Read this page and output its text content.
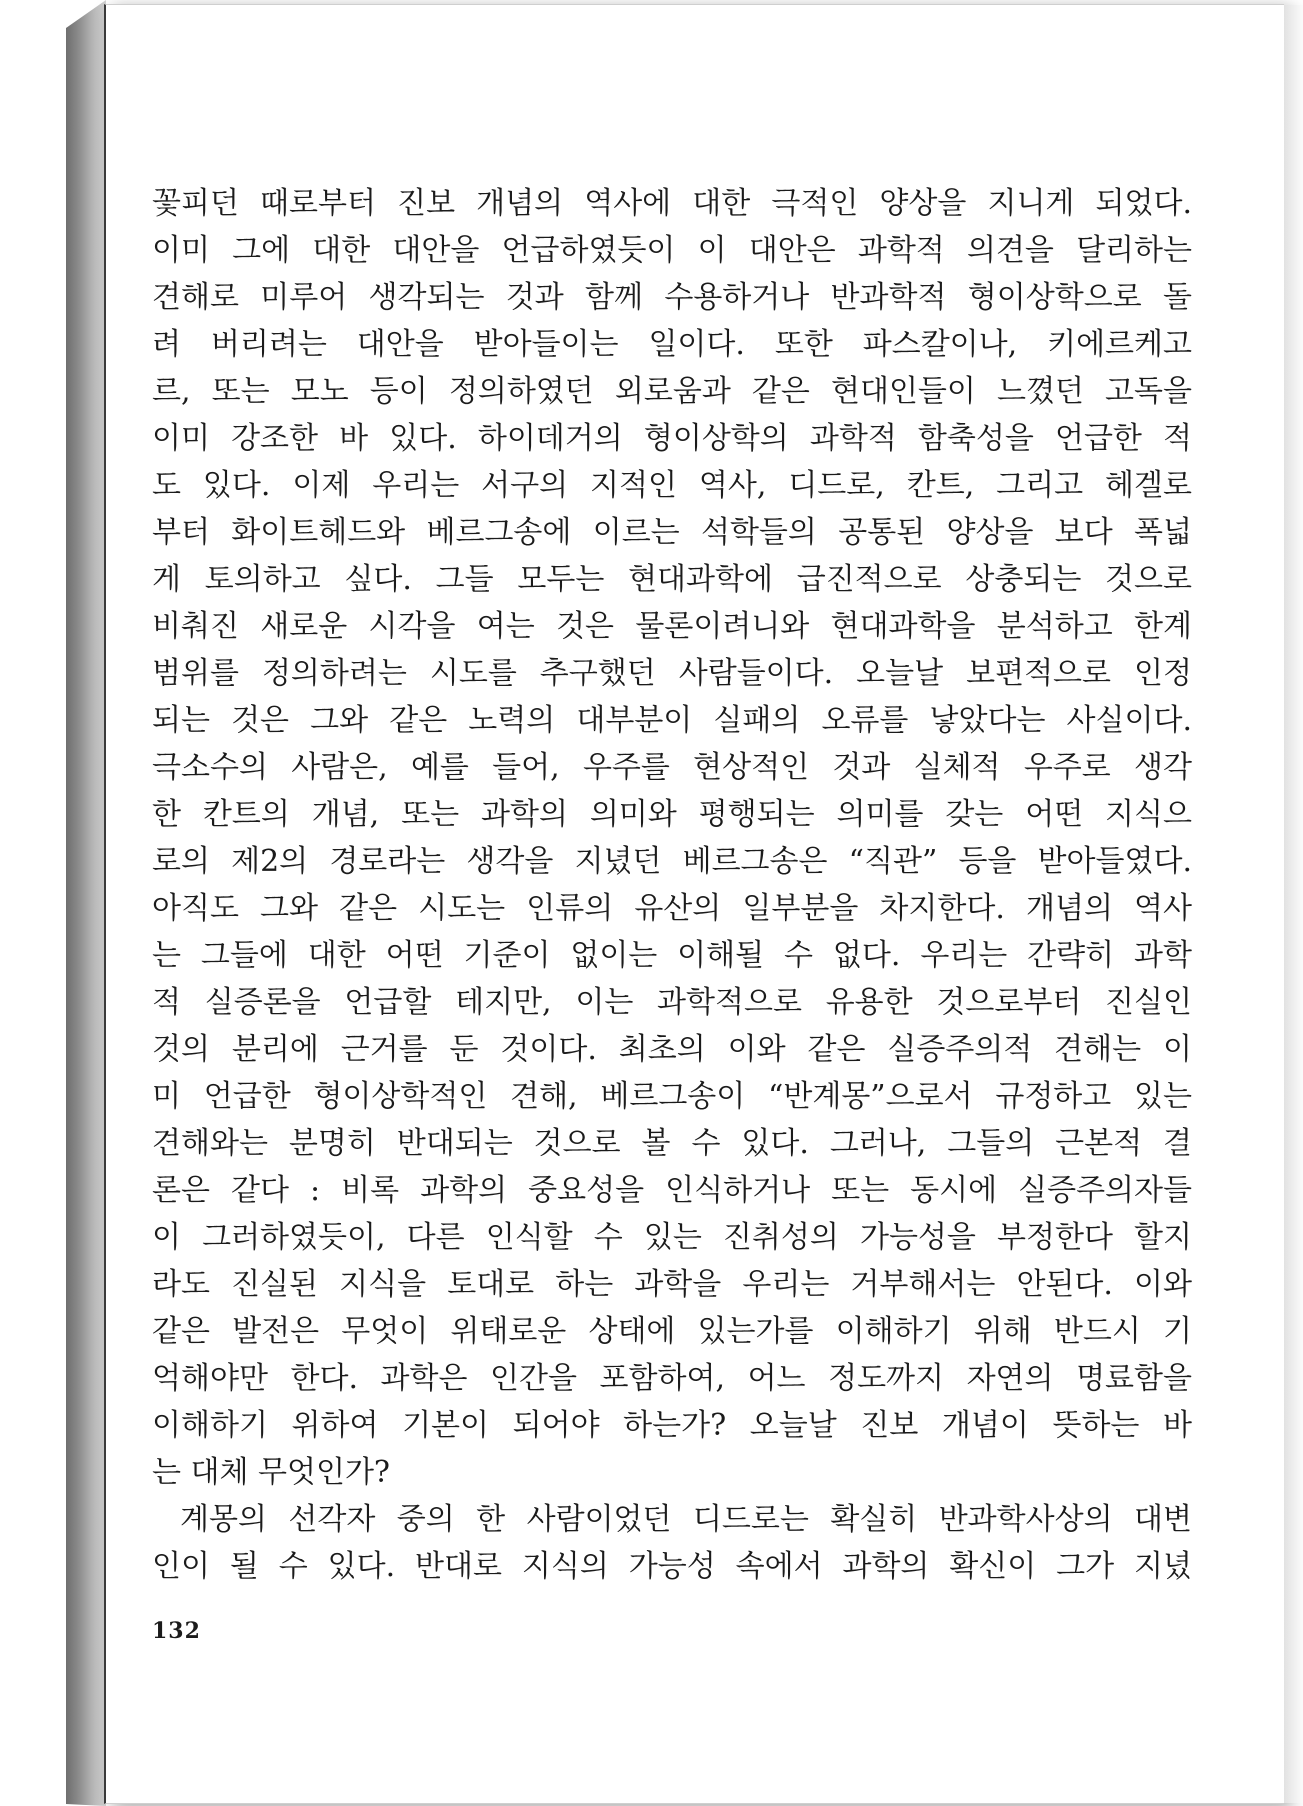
꽃피던 때로부터 진보 개념의 역사에 대한 극적인 양상을 지니게 되었다.
이미 그에 대한 대안을 언급하였듯이 이 대안은 과학적 의견을 달리하는
견해로 미루어 생각되는 것과 함께 수용하거나 반과학적 형이상학으로 돌
려 버리려는 대안을 받아들이는 일이다. 또한 파스칼이나, 키에르케고
르, 또는 모노 등이 정의하였던 외로움과 같은 현대인들이 느꼈던 고독을
이미 강조한 바 있다. 하이데거의 형이상학의 과학적 함축성을 언급한 적
도 있다. 이제 우리는 서구의 지적인 역사, 디드로, 칸트, 그리고 헤겔로
부터 화이트헤드와 베르그송에 이르는 석학들의 공통된 양상을 보다 폭넓
게 토의하고 싶다. 그들 모두는 현대과학에 급진적으로 상충되는 것으로
비춰진 새로운 시각을 여는 것은 물론이려니와 현대과학을 분석하고 한계
범위를 정의하려는 시도를 추구했던 사람들이다. 오늘날 보편적으로 인정
되는 것은 그와 같은 노력의 대부분이 실패의 오류를 낳았다는 사실이다.
극소수의 사람은, 예를 들어, 우주를 현상적인 것과 실체적 우주로 생각
한 칸트의 개념, 또는 과학의 의미와 평행되는 의미를 갖는 어떤 지식으
로의 제2의 경로라는 생각을 지녔던 베르그송은 “직관” 등을 받아들였다.
아직도 그와 같은 시도는 인류의 유산의 일부분을 차지한다. 개념의 역사
는 그들에 대한 어떤 기준이 없이는 이해될 수 없다. 우리는 간략히 과학
적 실증론을 언급할 테지만, 이는 과학적으로 유용한 것으로부터 진실인
것의 분리에 근거를 둔 것이다. 최초의 이와 같은 실증주의적 견해는 이
미 언급한 형이상학적인 견해, 베르그송이 “반계몽”으로서 규정하고 있는
견해와는 분명히 반대되는 것으로 볼 수 있다. 그러나, 그들의 근본적 결
론은 같다 : 비록 과학의 중요성을 인식하거나 또는 동시에 실증주의자들
이 그러하였듯이, 다른 인식할 수 있는 진취성의 가능성을 부정한다 할지
라도 진실된 지식을 토대로 하는 과학을 우리는 거부해서는 안된다. 이와
같은 발전은 무엇이 위태로운 상태에 있는가를 이해하기 위해 반드시 기
억해야만 한다. 과학은 인간을 포함하여, 어느 정도까지 자연의 명료함을
이해하기 위하여 기본이 되어야 하는가? 오늘날 진보 개념이 뜻하는 바
는 대체 무엇인가?
계몽의 선각자 중의 한 사람이었던 디드로는 확실히 반과학사상의 대변
인이 될 수 있다. 반대로 지식의 가능성 속에서 과학의 확신이 그가 지녔
132
